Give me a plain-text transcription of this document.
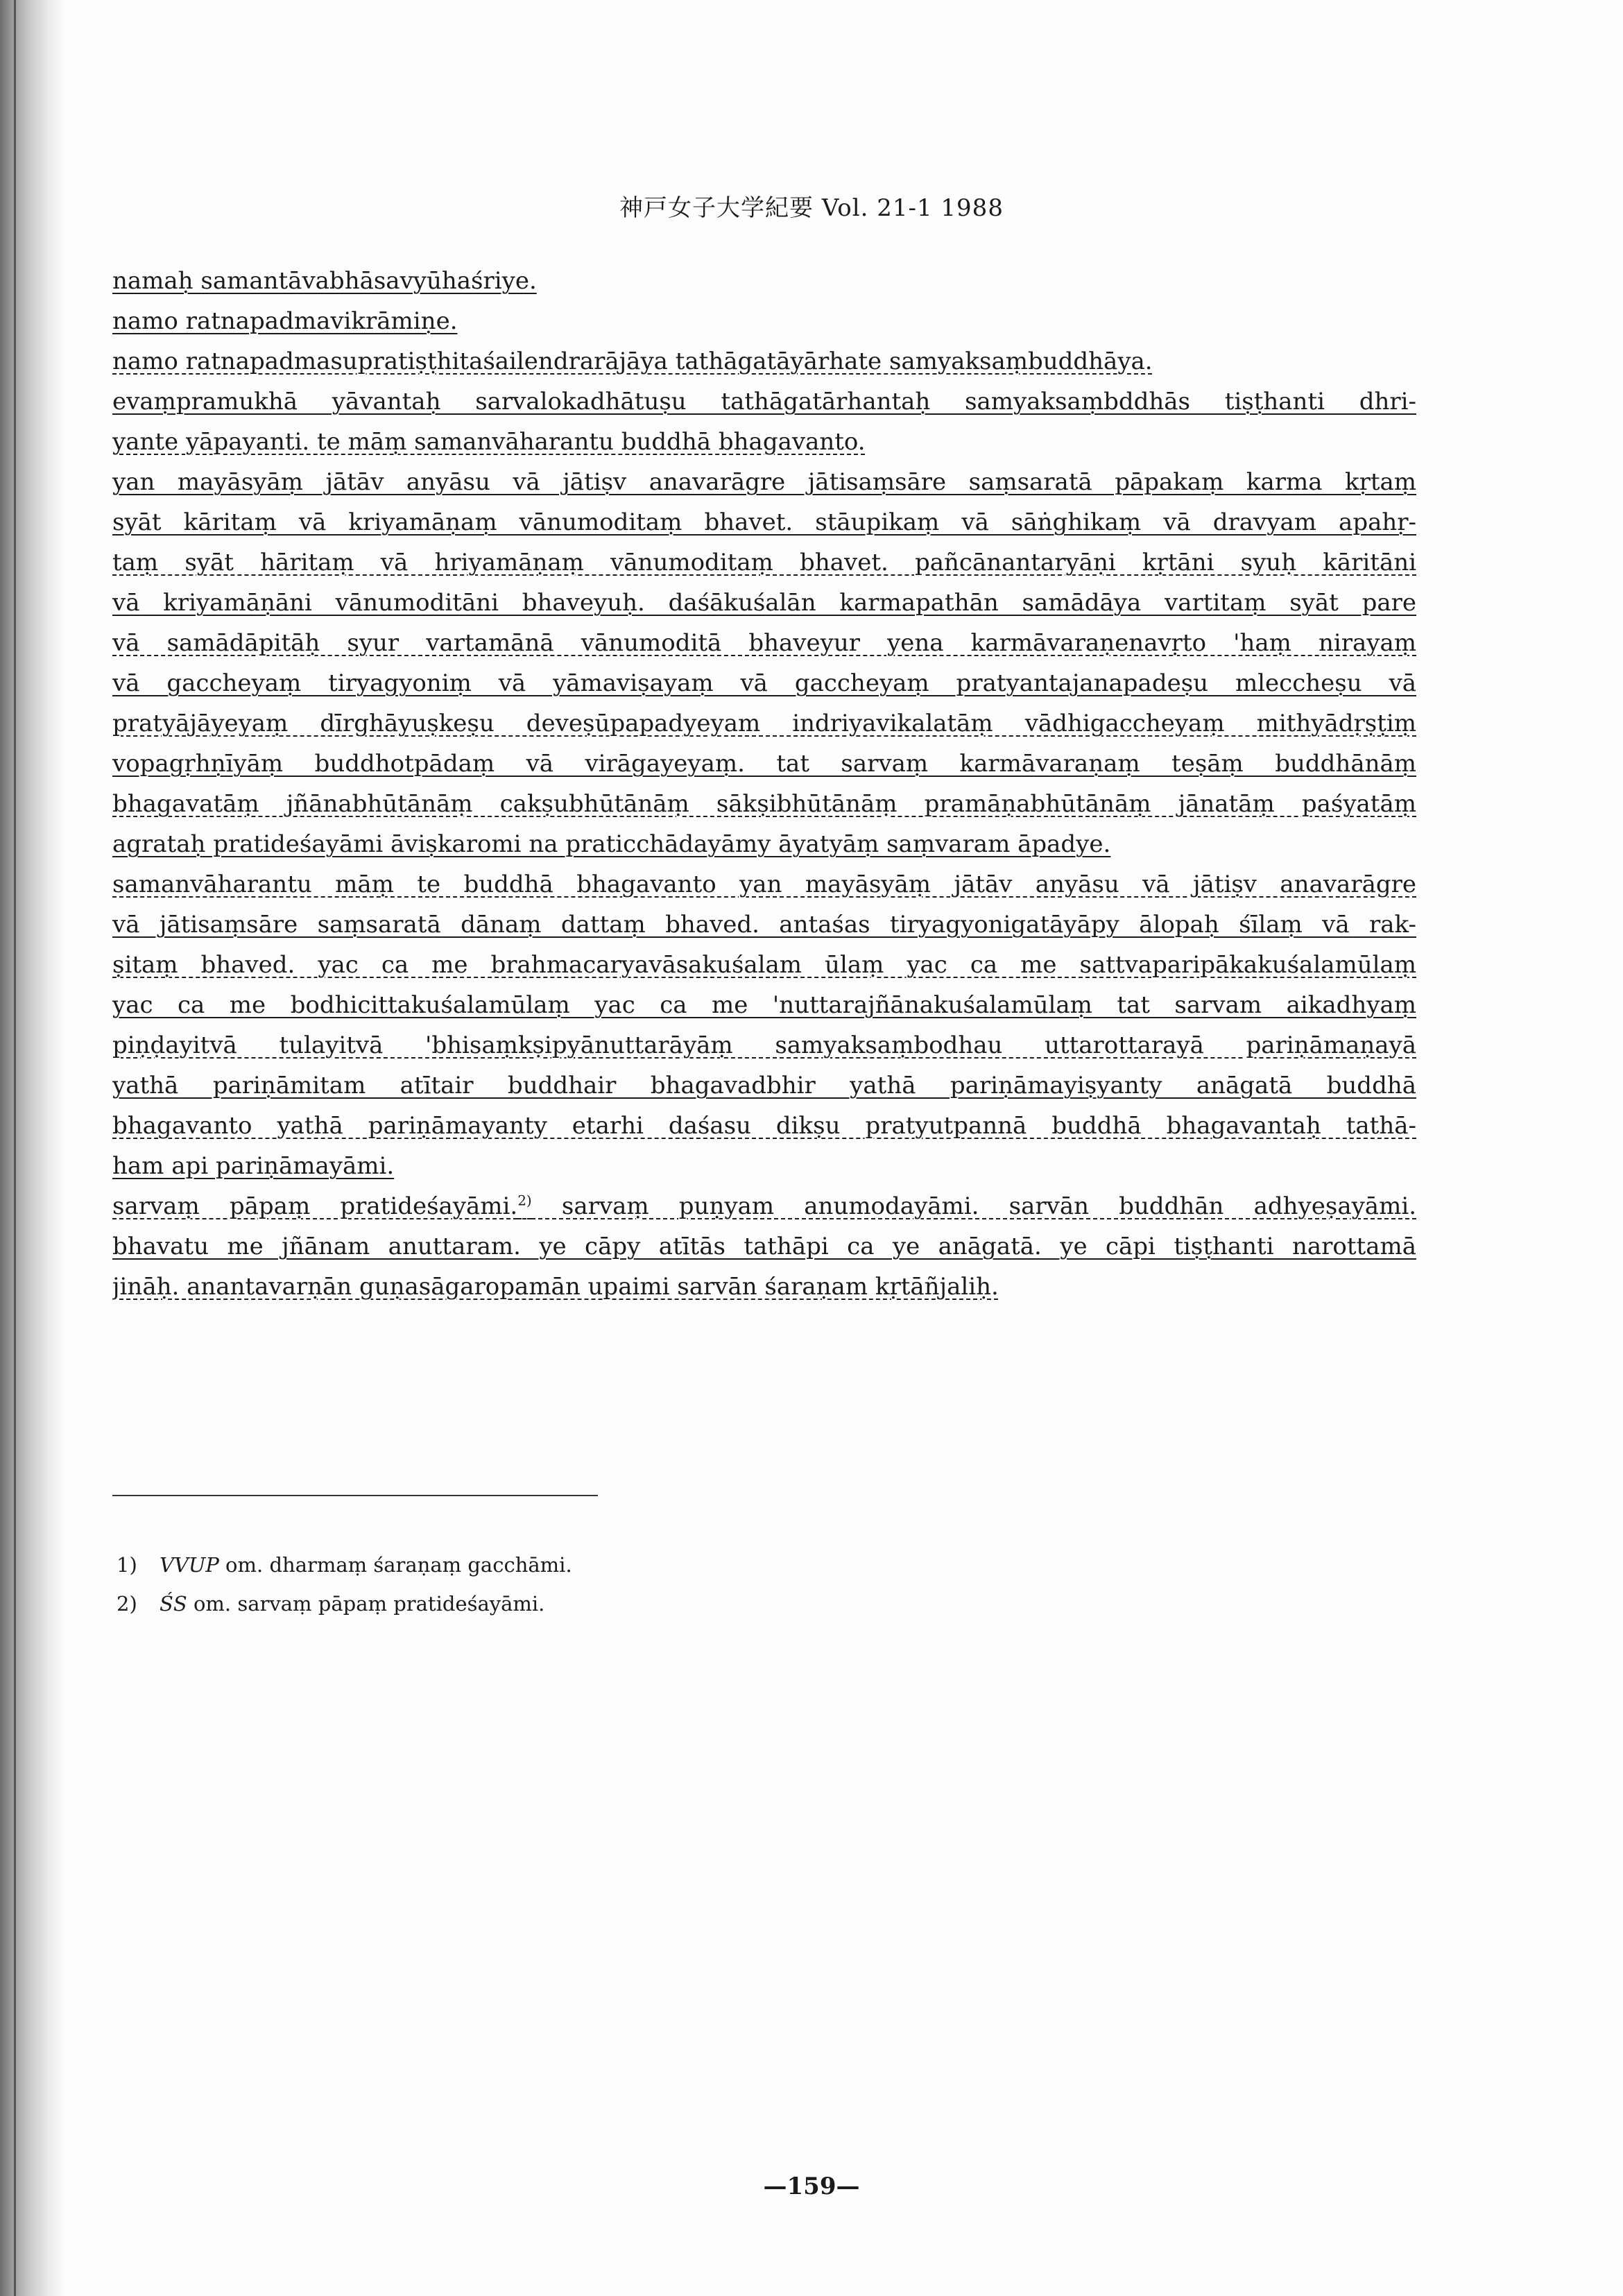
神戸女子大学紀要 Vol. 21-1 1988
namaḥ samantāvabhāsavyūhaśriye.
namo ratnapadmavikrāmiṇe.
namo ratnapadmasupratiṣṭhitaśailendrarājāya tathāgatāyārhate samyaksaṃbuddhāya.
evaṃpramukhā yāvantaḥ sarvalokadhātuṣu tathāgatārhantaḥ samyaksaṃbddhās tiṣṭhanti dhri-
yante yāpayanti. te māṃ samanvāharantu buddhā bhagavanto.
yan mayāsyāṃ jātāv anyāsu vā jātiṣv anavarāgre jātisaṃsāre saṃsaratā pāpakaṃ karma kṛtaṃ
syāt kāritaṃ vā kriyamāṇaṃ vānumoditaṃ bhavet. stāupikaṃ vā sāṅghikaṃ vā dravyam apahṛ-
taṃ syāt hāritaṃ vā hriyamāṇaṃ vānumoditaṃ bhavet. pañcānantaryāṇi kṛtāni syuḥ kāritāni
vā kriyamāṇāni vānumoditāni bhaveyuḥ. daśākuśalān karmapathān samādāya vartitaṃ syāt pare
vā samādāpitāḥ syur vartamānā vānumoditā bhaveyur yena karmāvaraṇenavṛto 'haṃ nirayaṃ
vā gaccheyaṃ tiryagyoniṃ vā yāmaviṣayaṃ vā gaccheyaṃ pratyantajanapadeṣu mleccheṣu vā
pratyājāyeyaṃ dīrghāyuṣkeṣu deveṣūpapadyeyam indriyavikalatāṃ vādhigaccheyaṃ mithyādṛṣṭiṃ
vopagṛhṇīyāṃ buddhotpādaṃ vā virāgayeyaṃ. tat sarvaṃ karmāvaraṇaṃ teṣāṃ buddhānāṃ
bhagavatāṃ jñānabhūtānāṃ cakṣubhūtānāṃ sākṣibhūtānāṃ pramāṇabhūtānāṃ jānatāṃ paśyatāṃ
agrataḥ pratideśayāmi āviṣkaromi na praticchādayāmy āyatyāṃ saṃvaram āpadye.
samanvāharantu māṃ te buddhā bhagavanto yan mayāsyāṃ jātāv anyāsu vā jātiṣv anavarāgre
vā jātisaṃsāre saṃsaratā dānaṃ dattaṃ bhaved. antaśas tiryagyonigatāyāpy ālopaḥ śīlaṃ vā rak-
ṣitaṃ bhaved. yac ca me brahmacaryavāsakuśalam ūlaṃ yac ca me sattvaparipākakuśalamūlaṃ
yac ca me bodhicittakuśalamūlaṃ yac ca me 'nuttarajñānakuśalamūlaṃ tat sarvam aikadhyaṃ
piṇḍayitvā tulayitvā 'bhisaṃkṣipyānuttarāyāṃ samyaksaṃbodhau uttarottarayā pariṇāmaṇayā
yathā pariṇāmitam atītair buddhair bhagavadbhir yathā pariṇāmayiṣyanty anāgatā buddhā
bhagavanto yathā pariṇāmayanty etarhi daśasu dikṣu pratyutpannā buddhā bhagavantaḥ tathā-
ham api pariṇāmayāmi.
sarvaṃ pāpaṃ pratideśayāmi.$^{2)}$ sarvaṃ puṇyam anumodayāmi. sarvān buddhān adhyeṣayāmi.
bhavatu me jñānam anuttaram. ye cāpy atītās tathāpi ca ye anāgatā. ye cāpi tiṣṭhanti narottamā
jināḥ. anantavarṇān guṇasāgaropamān upaimi sarvān śaraṇam kṛtāñjaliḥ.
1) VVUP om. dharmaṃ śaraṇaṃ gacchāmi.
2) ŚS om. sarvaṃ pāpaṃ pratideśayāmi.
—159—
